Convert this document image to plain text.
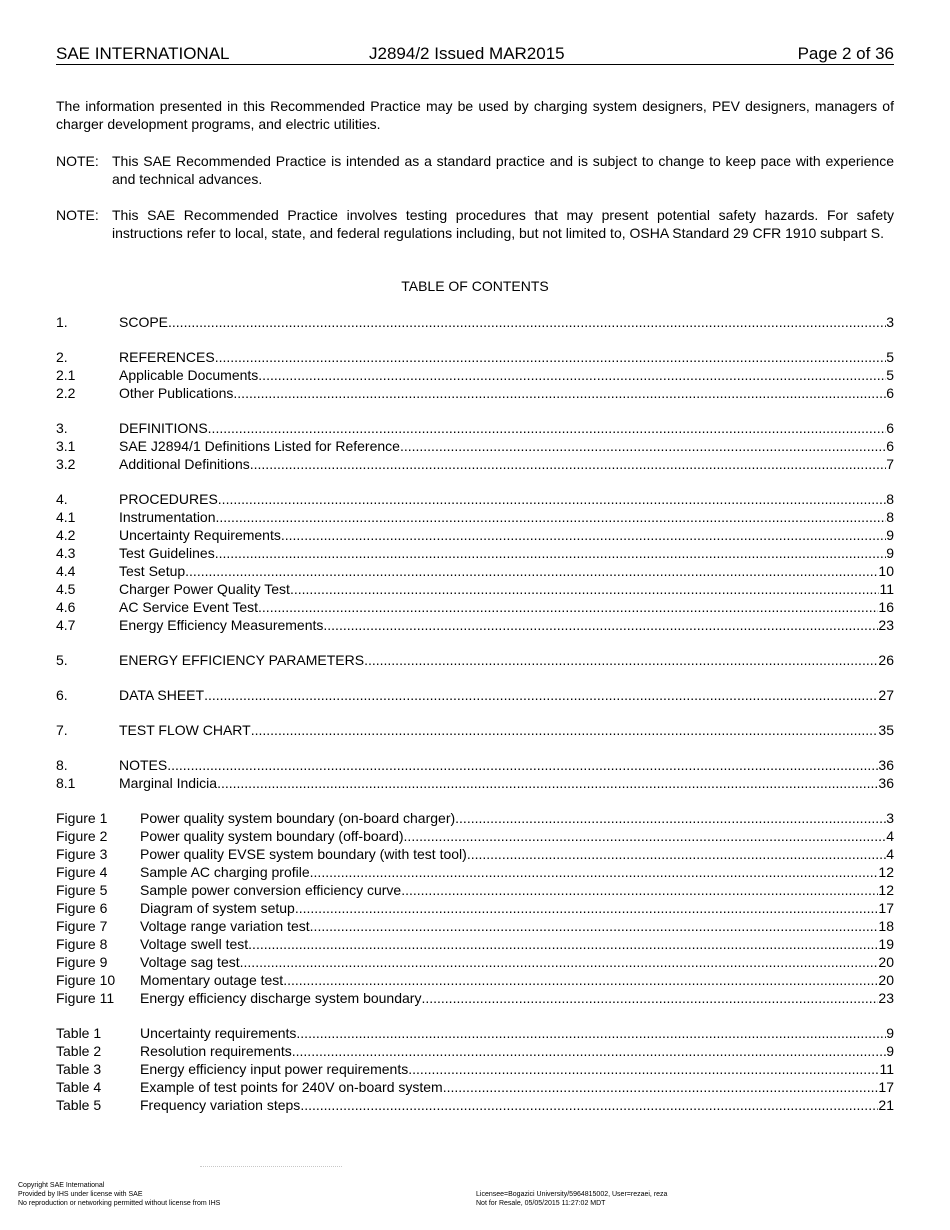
SAE INTERNATIONAL	J2894/2 Issued MAR2015	Page 2 of 36

The information presented in this Recommended Practice may be used by charging system designers, PEV designers, managers of charger development programs, and electric utilities.

NOTE: This SAE Recommended Practice is intended as a standard practice and is subject to change to keep pace with experience and technical advances.
NOTE: This SAE Recommended Practice involves testing procedures that may present potential safety hazards. For safety instructions refer to local, state, and federal regulations including, but not limited to, OSHA Standard 29 CFR 1910 subpart S.
TABLE OF CONTENTS
1.	SCOPE .....	3
2.	REFERENCES .....	5
2.1	Applicable Documents .....	5
2.2	Other Publications .....	6
3.	DEFINITIONS .....	6
3.1	SAE J2894/1 Definitions Listed for Reference .....	6
3.2	Additional Definitions .....	7
4.	PROCEDURES .....	8
4.1	Instrumentation .....	8
4.2	Uncertainty Requirements .....	9
4.3	Test Guidelines .....	9
4.4	Test Setup .....	10
4.5	Charger Power Quality Test .....	11
4.6	AC Service Event Test .....	16
4.7	Energy Efficiency Measurements .....	23
5.	ENERGY EFFICIENCY PARAMETERS .....	26
6.	DATA SHEET .....	27
7.	TEST FLOW CHART .....	35
8.	NOTES .....	36
8.1	Marginal Indicia .....	36
Figure 1 Power quality system boundary (on-board charger) .....	3
Figure 2 Power quality system boundary (off-board) .....	4
Figure 3 Power quality EVSE system boundary (with test tool) .....	4
Figure 4 Sample AC charging profile .....	12
Figure 5 Sample power conversion efficiency curve .....	12
Figure 6 Diagram of system setup .....	17
Figure 7 Voltage range variation test .....	18
Figure 8 Voltage swell test .....	19
Figure 9 Voltage sag test .....	20
Figure 10 Momentary outage test .....	20
Figure 11 Energy efficiency discharge system boundary .....	23
Table 1	Uncertainty requirements .....	9
Table 2	Resolution requirements .....	9
Table 3	Energy efficiency input power requirements .....	11
Table 4	Example of test points for 240V on-board system .....	17
Table 5	Frequency variation steps .....	21
Copyright SAE International
Provided by IHS under license with SAE
No reproduction or networking permitted without license from IHS
Licensee=Bogazici University/5964815002, User=rezaei, reza
Not for Resale, 05/05/2015 11:27:02 MDT
